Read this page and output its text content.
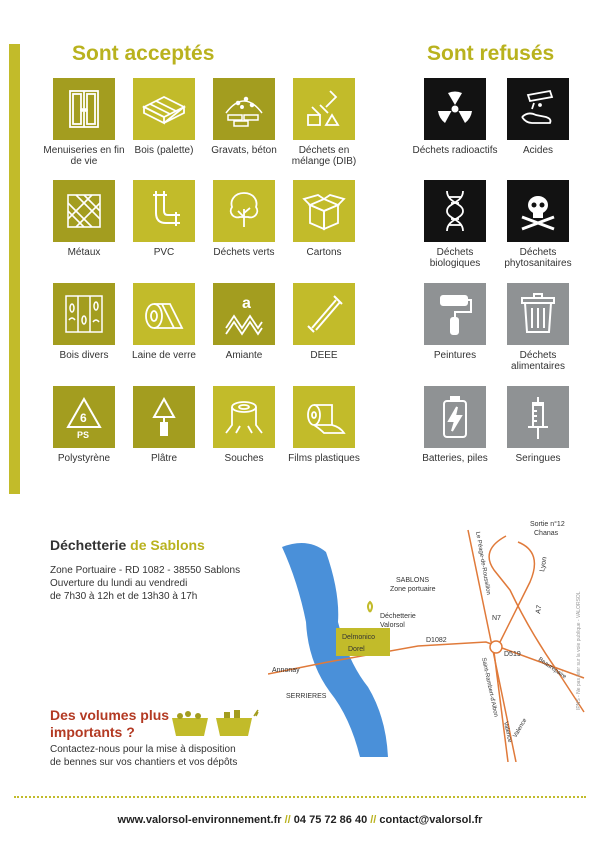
Sont acceptés	Sont refusés
Menuiseries en fin de vie
Bois (palette)	Gravats, béton	Déchets en mélange (DIB)
Métaux	PVC	Déchets verts	Cartons
Bois divers	Laine de verre
a
Amiante	DEEE
6
PS
Polystyrène	Plâtre	Souches	Films plastiques
Déchets radioactifs	Acides
Déchets biologiques
Déchets phytosanitaires
Peintures	Déchets alimentaires
Batteries, piles	Seringues
Déchetterie de Sablons
Zone Portuaire - RD 1082 - 38550 Sablons
Ouverture du lundi au vendredi
de 7h30 à 12h et de 13h30 à 17h
Des volumes plus
importants ?
Contactez-nous pour la mise à disposition
de bennes sur vos chantiers et vos dépôts
Delmonico
Dorel
Déchetterie
Valorsol
Sortie n°12
Chanas
SABLONS
Zone portuaire
D1082
N7
A7
Lyon
Le Péage-de-Roussillon
D519
Annonay
SERRIERES	Saint-Rambert-d'Albon	Beaurepaire
Valence Valence
IPNS - Ne pas jeter sur la voie publique - VALORSOL
www.valorsol-environnement.fr // 04 75 72 86 40 // contact@valorsol.fr
